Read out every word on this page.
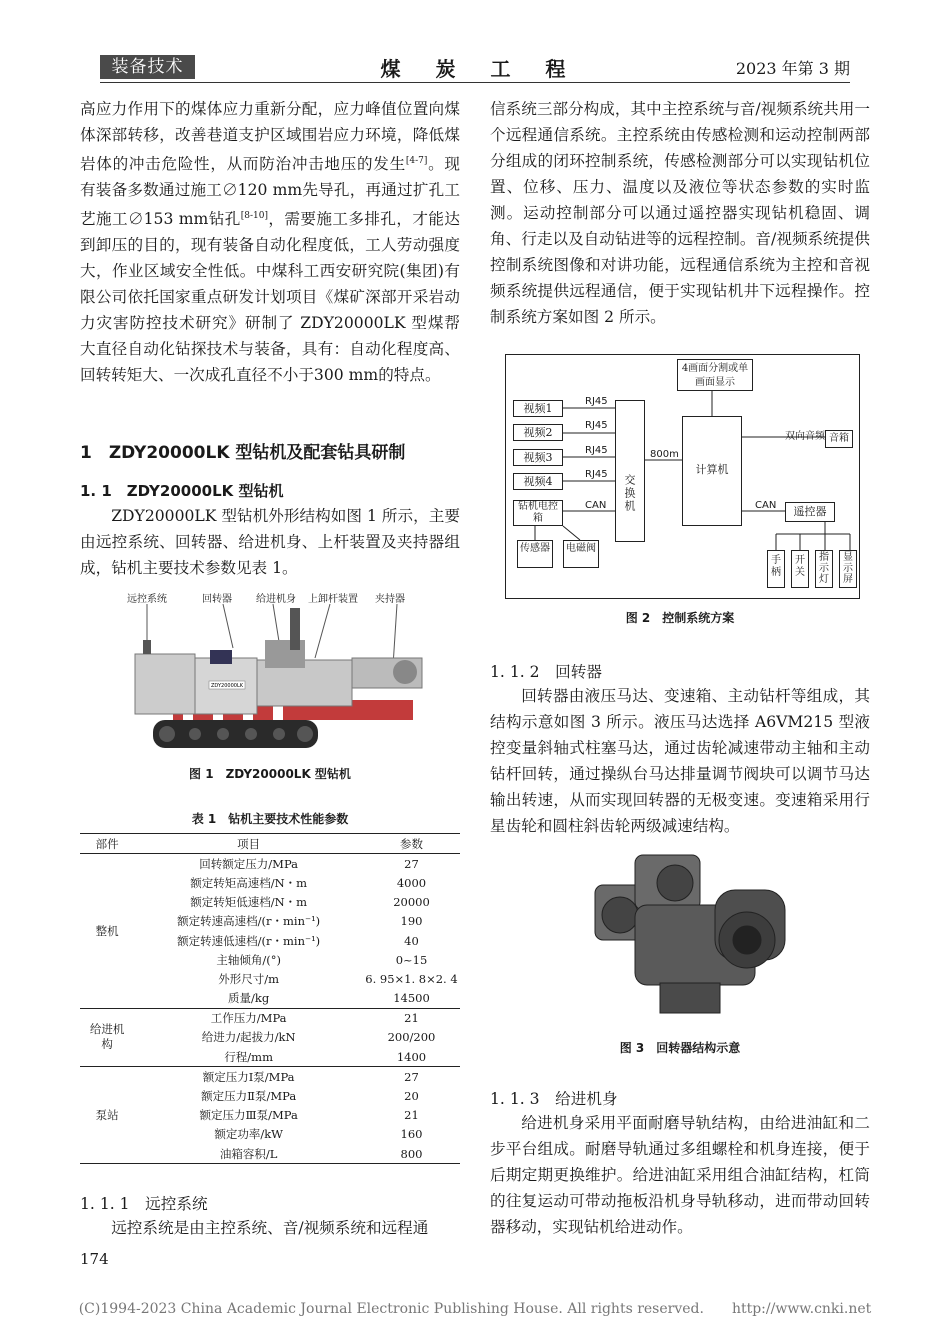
装备技术	煤 炭 工 程	2023 年第 3 期

高应力作用下的煤体应力重新分配，应力峰值位置向煤体深部转移，改善巷道支护区域围岩应力环境，降低煤岩体的冲击危险性，从而防治冲击地压的发生[4-7]。现有装备多数通过施工∅120 mm先导孔，再通过扩孔工艺施工∅153 mm钻孔[8-10]，需要施工多排孔，才能达到卸压的目的，现有装备自动化程度低，工人劳动强度大，作业区域安全性低。中煤科工西安研究院(集团)有限公司依托国家重点研发计划项目《煤矿深部开采岩动力灾害防控技术研究》研制了 ZDY20000LK 型煤帮大直径自动化钻探技术与装备，具有：自动化程度高、回转转矩大、一次成孔直径不小于300 mm的特点。

1　ZDY20000LK 型钻机及配套钻具研制
1. 1　ZDY20000LK 型钻机

ZDY20000LK 型钻机外形结构如图 1 所示，主要由远控系统、回转器、给进机身、上杆装置及夹持器组成，钻机主要技术参数见表 1。

远控系统	回转器 给进机身 上卸杆装置 夹持器
ZDY20000LK
图 1　ZDY20000LK 型钻机
表 1　钻机主要技术性能参数
部件	项目	参数
整机	回转额定压力/MPa	27
	额定转矩高速档/N・m	4000
	额定转矩低速档/N・m	20000
	额定转速高速档/(r・min⁻¹)	190
	额定转速低速档/(r・min⁻¹)	40
	主轴倾角/(°)	0~15
	外形尺寸/m	6. 95×1. 8×2. 4
	质量/kg	14500
给进机构	工作压力/MPa	21
	给进力/起拔力/kN	200/200
	行程/mm	1400
泵站	额定压力Ⅰ泵/MPa	27
	额定压力Ⅱ泵/MPa	20
	额定压力Ⅲ泵/MPa	21
	额定功率/kW	160
	油箱容积/L	800
1. 1. 1　远控系统

远控系统是由主控系统、音/视频系统和远程通

信系统三部分构成，其中主控系统与音/视频系统共用一个远程通信系统。主控系统由传感检测和运动控制两部分组成的闭环控制系统，传感检测部分可以实现钻机位置、位移、压力、温度以及液位等状态参数的实时监测。运动控制部分可以通过遥控器实现钻机稳固、调角、行走以及自动钻进等的远程控制。音/视频系统提供控制系统图像和对讲功能，远程通信系统为主控和音视频系统提供远程通信，便于实现钻机井下远程操作。控制系统方案如图 2 所示。

4画面分割或单画面显示
视频1
视频2
视频3
视频4
RJ45
RJ45
RJ45
RJ45	交换机
800m
计算机
双向音频 音箱
钻机电控箱
CAN	CAN	遥控器
传感器	电磁阀
手柄
开关
指示灯
显示屏
图 2　控制系统方案
1. 1. 2　回转器

回转器由液压马达、变速箱、主动钻杆等组成，其结构示意如图 3 所示。液压马达选择 A6VM215 型液控变量斜轴式柱塞马达，通过齿轮减速带动主轴和主动钻杆回转，通过操纵台马达排量调节阀块可以调节马达输出转速，从而实现回转器的无极变速。变速箱采用行星齿轮和圆柱斜齿轮两级减速结构。

图 3　回转器结构示意
1. 1. 3　给进机身

给进机身采用平面耐磨导轨结构，由给进油缸和二步平台组成。耐磨导轨通过多组螺栓和机身连接，便于后期定期更换维护。给进油缸采用组合油缸结构，杠筒的往复运动可带动拖板沿机身导轨移动，进而带动回转器移动，实现钻机给进动作。

174
(C)1994-2023 China Academic Journal Electronic Publishing House. All rights reserved.　　http://www.cnki.net
